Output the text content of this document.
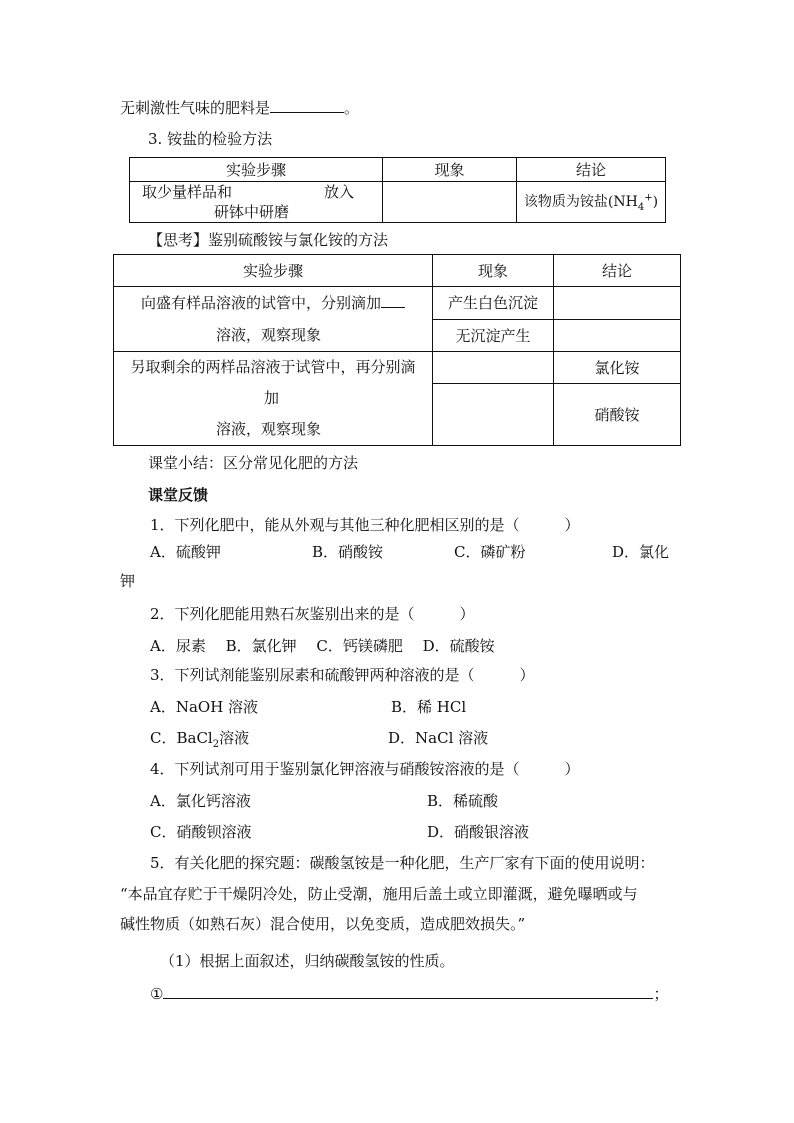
无刺激性气味的肥料是	。
3. 铵盐的检验方法
实验步骤	现象	结论

取少量样品和 放入
研钵中研磨		该物质为铵盐$(NH_4^+)$
【思考】鉴别硫酸铵与氯化铵的方法
实验步骤	现象	结论

向盛有样品溶液的试管中，分别滴加
溶液，观察现象	产生白色沉淀	
	无沉淀产生	

另取剩余的两样品溶液于试管中，再分别滴
加
溶液，观察现象		氯化铵
		硝酸铵
课堂小结：区分常见化肥的方法
课堂反馈
1．下列化肥中，能从外观与其他三种化肥相区别的是（　　　）
A．硫酸钾	B．硝酸铵	C．磷矿粉	D．氯化
钾
2．下列化肥能用熟石灰鉴别出来的是（　　　）
A．尿素　 B．氯化钾　 C．钙镁磷肥　 D．硫酸铵
3．下列试剂能鉴别尿素和硫酸钾两种溶液的是（　　　）
A．NaOH 溶液	B．稀 HCl
C．BaCl$_2$溶液	D．NaCl 溶液
4．下列试剂可用于鉴别氯化钾溶液与硝酸铵溶液的是（　　　）
A．氯化钙溶液	B．稀硫酸
C．硝酸钡溶液	D．硝酸银溶液
5．有关化肥的探究题：碳酸氢铵是一种化肥，生产厂家有下面的使用说明：
“本品宜存贮于干燥阴冷处，防止受潮，施用后盖土或立即灌溉，避免曝晒或与
碱性物质（如熟石灰）混合使用，以免变质，造成肥效损失。”
（1）根据上面叙述，归纳碳酸氢铵的性质。
①	；
